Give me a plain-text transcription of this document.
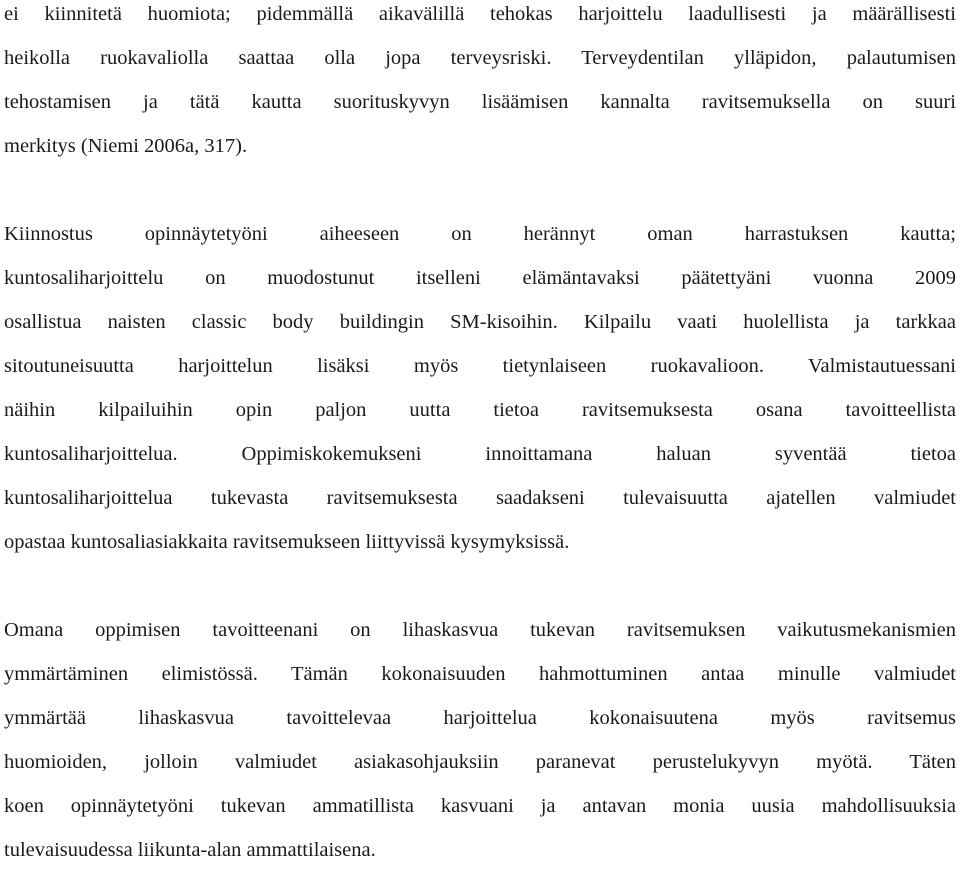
ei kiinnitetä huomiota; pidemmällä aikavälillä tehokas harjoittelu laadullisesti ja määrällisesti
heikolla ruokavaliolla saattaa olla jopa terveysriski. Terveydentilan ylläpidon, palautumisen
tehostamisen ja tätä kautta suorituskyvyn lisäämisen kannalta ravitsemuksella on suuri
merkitys (Niemi 2006a, 317).
Kiinnostus opinnäytetyöni aiheeseen on herännyt oman harrastuksen kautta;
kuntosaliharjoittelu on muodostunut itselleni elämäntavaksi päätettyäni vuonna 2009
osallistua naisten classic body buildingin SM-kisoihin. Kilpailu vaati huolellista ja tarkkaa
sitoutuneisuutta harjoittelun lisäksi myös tietynlaiseen ruokavalioon. Valmistautuessani
näihin kilpailuihin opin paljon uutta tietoa ravitsemuksesta osana tavoitteellista
kuntosaliharjoittelua. Oppimiskokemukseni innoittamana haluan syventää tietoa
kuntosaliharjoittelua tukevasta ravitsemuksesta saadakseni tulevaisuutta ajatellen valmiudet
opastaa kuntosaliasiakkaita ravitsemukseen liittyvissä kysymyksissä.
Omana oppimisen tavoitteenani on lihaskasvua tukevan ravitsemuksen vaikutusmekanismien
ymmärtäminen elimistössä. Tämän kokonaisuuden hahmottuminen antaa minulle valmiudet
ymmärtää lihaskasvua tavoittelevaa harjoittelua kokonaisuutena myös ravitsemus
huomioiden, jolloin valmiudet asiakasohjauksiin paranevat perustelukyvyn myötä. Täten
koen opinnäytetyöni tukevan ammatillista kasvuani ja antavan monia uusia mahdollisuuksia
tulevaisuudessa liikunta-alan ammattilaisena.
